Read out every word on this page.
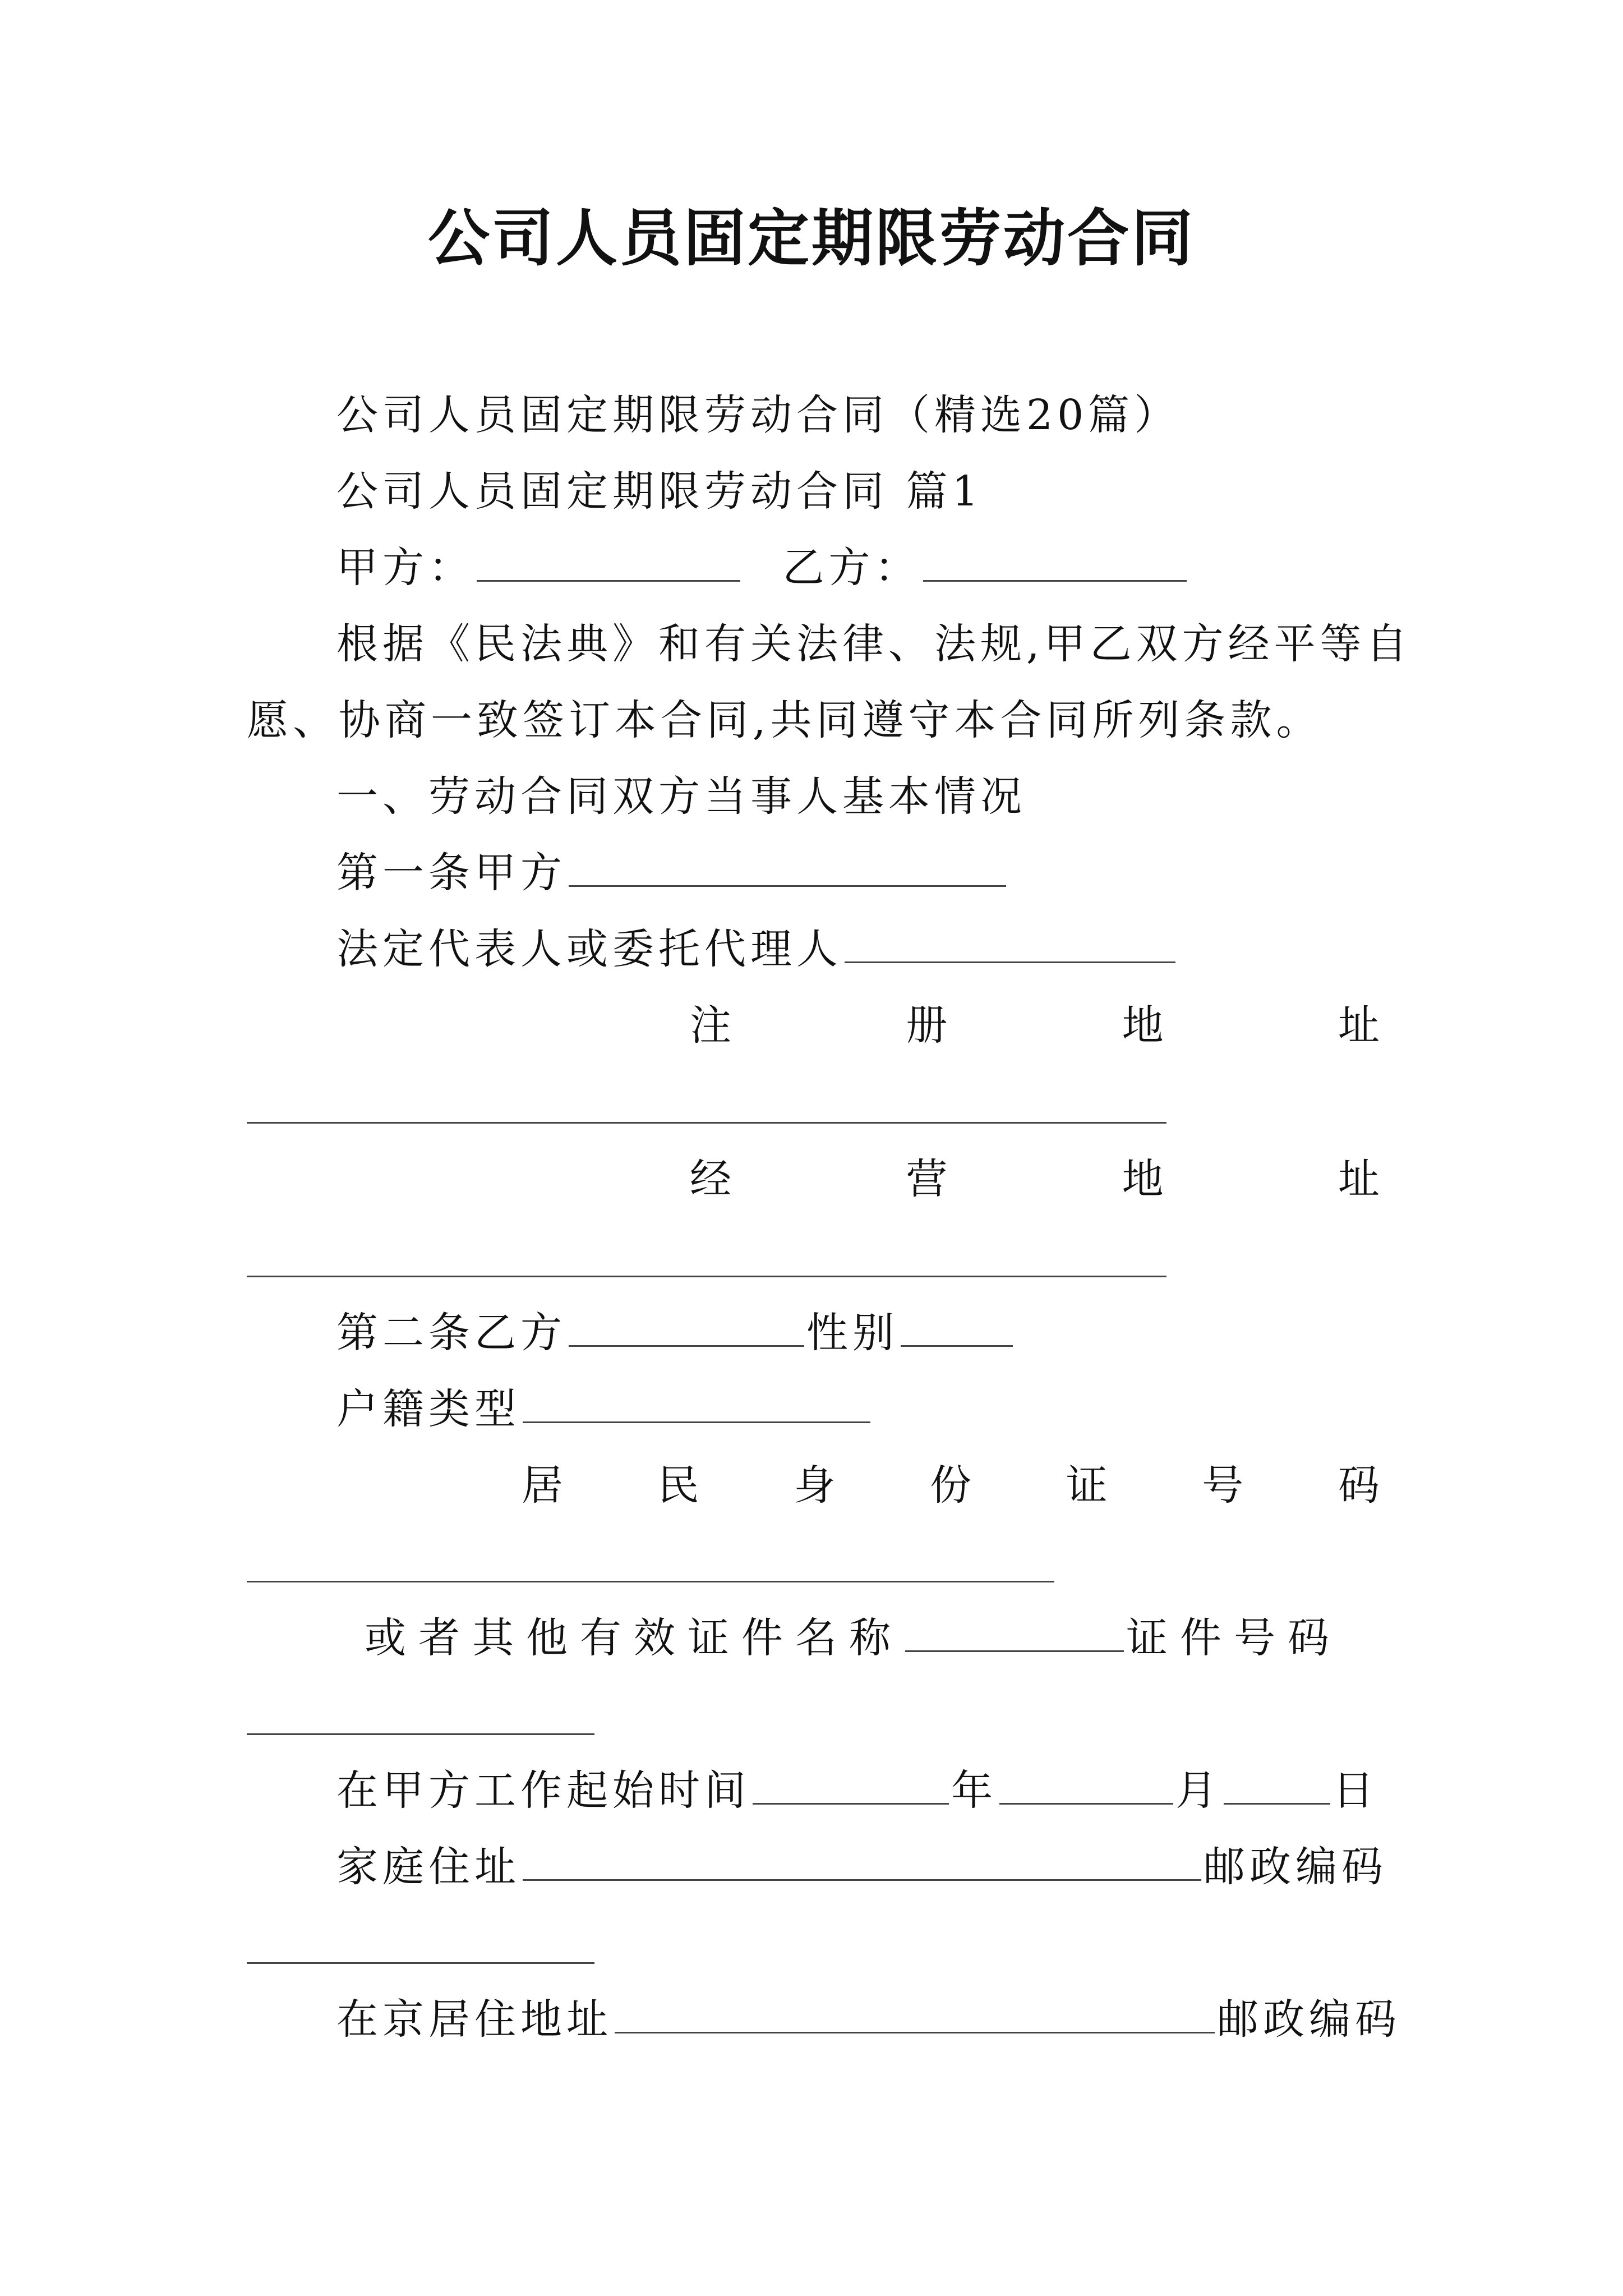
公司人员固定期限劳动合同
公司人员固定期限劳动合同（精选20篇）
公司人员固定期限劳动合同 篇1
甲方：	乙方：
根据《民法典》和有关法律、法规,甲乙双方经平等自
愿、协商一致签订本合同,共同遵守本合同所列条款。
一、劳动合同双方当事人基本情况
第一条甲方
法定代表人或委托代理人
注	册	地	址
经	营	地	址
第二条乙方	性别
户籍类型
居 民 身 份 证 号 码
或者其他有效证件名称	证件号码
在甲方工作起始时间	年	月	日
家庭住址	邮政编码
在京居住地址	邮政编码
